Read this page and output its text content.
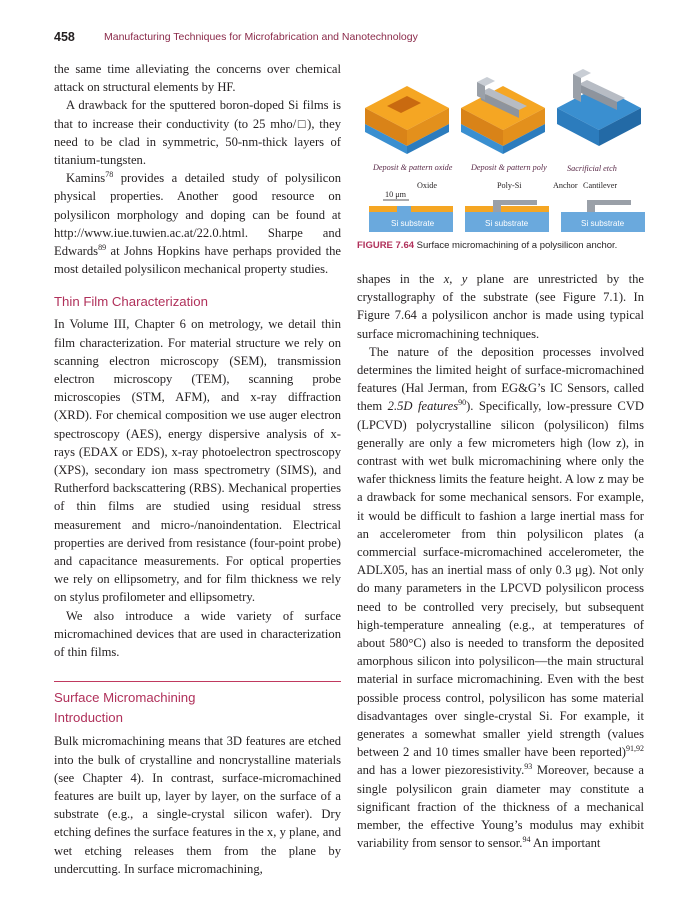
458	Manufacturing Techniques for Microfabrication and Nanotechnology

the same time alleviating the concerns over chemical attack on structural elements by HF.

A drawback for the sputtered boron-doped Si films is that to increase their conductivity (to 25 mho/□), they need to be clad in symmetric, 50-nm-thick layers of titanium-tungsten.

Kamins$^{78}$ provides a detailed study of polysilicon physical properties. Another good resource on polysilicon morphology and doping can be found at http://www.iue.tuwien.ac.at/22.0.html. Sharpe and Edwards$^{89}$ at Johns Hopkins have perhaps provided the most detailed polysilicon mechanical property studies.

Thin Film Characterization

In Volume III, Chapter 6 on metrology, we detail thin film characterization. For material structure we rely on scanning electron microscopy (SEM), transmission electron microscopy (TEM), scanning probe microscopies (STM, AFM), and x-ray diffraction (XRD). For chemical composition we use auger electron spectroscopy (AES), energy dispersive analysis of x-rays (EDAX or EDS), x-ray photoelectron spectroscopy (XPS), secondary ion mass spectrometry (SIMS), and Rutherford backscattering (RBS). Mechanical properties of thin films are studied using residual stress measurement and micro-/nanoindentation. Electrical properties are derived from resistance (four-point probe) and capacitance measurements. For optical properties we rely on ellipsometry, and for film thickness we rely on stylus profilometer and ellipsometry.

We also introduce a wide variety of surface micromachined devices that are used in characterization of thin films.

Surface Micromachining
Introduction

Bulk micromachining means that 3D features are etched into the bulk of crystalline and noncrystalline materials (see Chapter 4). In contrast, surface-micromachined features are built up, layer by layer, on the surface of a substrate (e.g., a single-crystal silicon wafer). Dry etching defines the surface features in the x, y plane, and wet etching releases them from the plane by undercutting. In surface micromachining,

Deposit & pattern oxide Deposit & pattern poly Sacrificial etch
Oxide
10 μm
Si substrate
Poly-Si
Si substrate
Anchor Cantilever
Si substrate
FIGURE 7.64 Surface micromachining of a polysilicon anchor.

shapes in the x, y plane are unrestricted by the crystallography of the substrate (see Figure 7.1). In Figure 7.64 a polysilicon anchor is made using typical surface micromachining techniques.

The nature of the deposition processes involved determines the limited height of surface-micromachined features (Hal Jerman, from EG&G’s IC Sensors, called them 2.5D features$^{90}$). Specifically, low-pressure CVD (LPCVD) polycrystalline silicon (polysilicon) films generally are only a few micrometers high (low z), in contrast with wet bulk micromachining where only the wafer thickness limits the feature height. A low z may be a drawback for some mechanical sensors. For example, it would be difficult to fashion a large inertial mass for an accelerometer from thin polysilicon plates (a commercial surface-micromachined accelerometer, the ADLX05, has an inertial mass of only 0.3 μg). Not only do many parameters in the LPCVD polysilicon process need to be controlled very precisely, but subsequent high-temperature annealing (e.g., at temperatures of about 580°C) also is needed to transform the deposited amorphous silicon into polysilicon—the main structural material in surface micromachining. Even with the best possible process control, polysilicon has some material disadvantages over single-crystal Si. For example, it generates a somewhat smaller yield strength (values between 2 and 10 times smaller have been reported)$^{91,92}$ and has a lower piezoresistivity.$^{93}$ Moreover, because a single polysilicon grain diameter may constitute a significant fraction of the thickness of a mechanical member, the effective Young’s modulus may exhibit variability from sensor to sensor.$^{94}$ An important
